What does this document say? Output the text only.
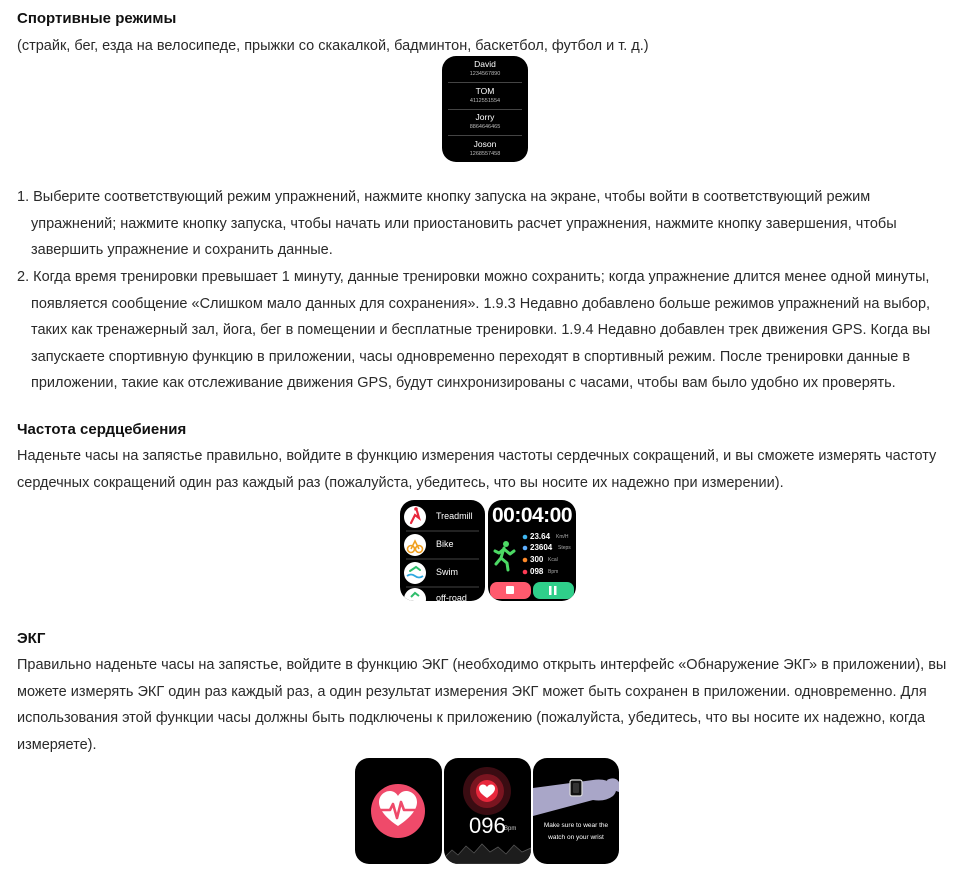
Спортивные режимы
(страйк, бег, езда на велосипеде, прыжки со скакалкой, бадминтон, баскетбол, футбол и т. д.)
David
1234567890
TOM
4112551554
Jorry
8864646465
Joson
1268557458
1. Выберите соответствующий режим упражнений, нажмите кнопку запуска на экране, чтобы войти в соответствующий режим упражнений; нажмите кнопку запуска, чтобы начать или приостановить расчет упражнения, нажмите кнопку завершения, чтобы завершить упражнение и сохранить данные.
2. Когда время тренировки превышает 1 минуту, данные тренировки можно сохранить; когда упражнение длится менее одной минуты, появляется сообщение «Слишком мало данных для сохранения». 1.9.3 Недавно добавлено больше режимов упражнений на выбор, таких как тренажерный зал, йога, бег в помещении и бесплатные тренировки. 1.9.4 Недавно добавлен трек движения GPS. Когда вы запускаете спортивную функцию в приложении, часы одновременно переходят в спортивный режим. После тренировки данные в приложении, такие как отслеживание движения GPS, будут синхронизированы с часами, чтобы вам было удобно их проверять.
Частота сердцебиения
Наденьте часы на запястье правильно, войдите в функцию измерения частоты сердечных сокращений, и вы сможете измерять частоту сердечных сокращений один раз каждый раз (пожалуйста, убедитесь, что вы носите их надежно при измерении).
Treadmill
Bike
Swim
off-road
00:04:00
23.64 Km/H
23604 Steps
300 Kcal
098 Bpm
ЭКГ
Правильно наденьте часы на запястье, войдите в функцию ЭКГ (необходимо открыть интерфейс «Обнаружение ЭКГ» в приложении), вы можете измерять ЭКГ один раз каждый раз, а один результат измерения ЭКГ может быть сохранен в приложении. одновременно. Для использования этой функции часы должны быть подключены к приложению (пожалуйста, убедитесь, что вы носите их надежно, когда измеряете).
096
Bpm	Make sure to wear the
watch on your wrist
